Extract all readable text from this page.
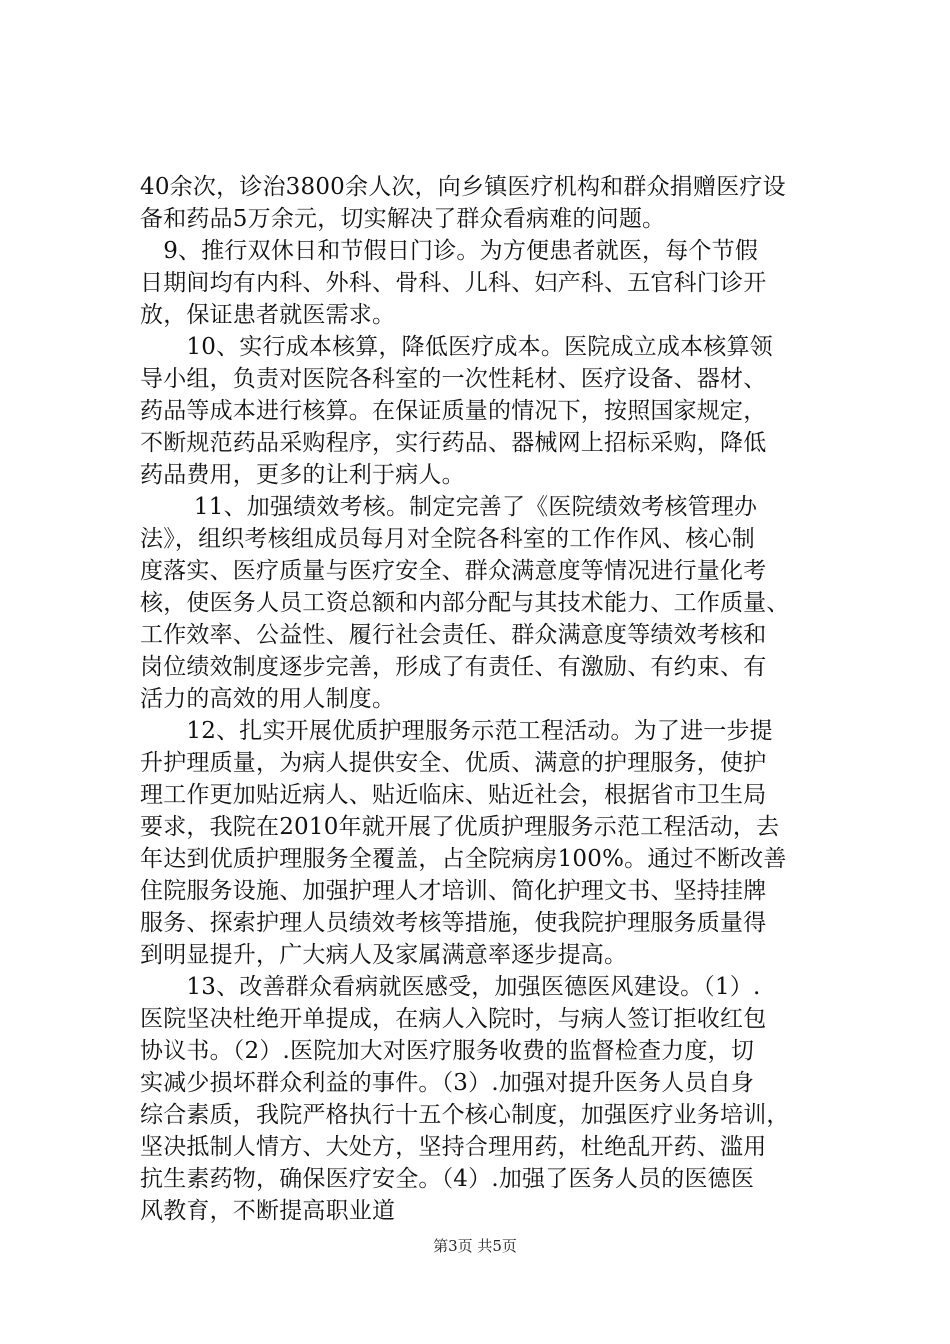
40余次，诊治3800余人次，向乡镇医疗机构和群众捐赠医疗设
备和药品5万余元，切实解决了群众看病难的问题。
　9、推行双休日和节假日门诊。为方便患者就医，每个节假
日期间均有内科、外科、骨科、儿科、妇产科、五官科门诊开
放，保证患者就医需求。
　　10、实行成本核算，降低医疗成本。医院成立成本核算领
导小组，负责对医院各科室的一次性耗材、医疗设备、器材、
药品等成本进行核算。在保证质量的情况下，按照国家规定，
不断规范药品采购程序，实行药品、器械网上招标采购，降低
药品费用，更多的让利于病人。
　　 11、加强绩效考核。制定完善了《医院绩效考核管理办
法》，组织考核组成员每月对全院各科室的工作作风、核心制
度落实、医疗质量与医疗安全、群众满意度等情况进行量化考
核，使医务人员工资总额和内部分配与其技术能力、工作质量、
工作效率、公益性、履行社会责任、群众满意度等绩效考核和
岗位绩效制度逐步完善，形成了有责任、有激励、有约束、有
活力的高效的用人制度。
　　12、扎实开展优质护理服务示范工程活动。为了进一步提
升护理质量，为病人提供安全、优质、满意的护理服务，使护
理工作更加贴近病人、贴近临床、贴近社会，根据省市卫生局
要求，我院在2010年就开展了优质护理服务示范工程活动，去
年达到优质护理服务全覆盖，占全院病房100%。通过不断改善
住院服务设施、加强护理人才培训、简化护理文书、坚持挂牌
服务、探索护理人员绩效考核等措施，使我院护理服务质量得
到明显提升，广大病人及家属满意率逐步提高。
　　13、改善群众看病就医感受，加强医德医风建设。（1）.
医院坚决杜绝开单提成，在病人入院时，与病人签订拒收红包
协议书。（2）.医院加大对医疗服务收费的监督检查力度，切
实减少损坏群众利益的事件。（3）.加强对提升医务人员自身
综合素质，我院严格执行十五个核心制度，加强医疗业务培训，
坚决抵制人情方、大处方，坚持合理用药，杜绝乱开药、滥用
抗生素药物，确保医疗安全。（4）.加强了医务人员的医德医
风教育，不断提高职业道
第3页 共5页
